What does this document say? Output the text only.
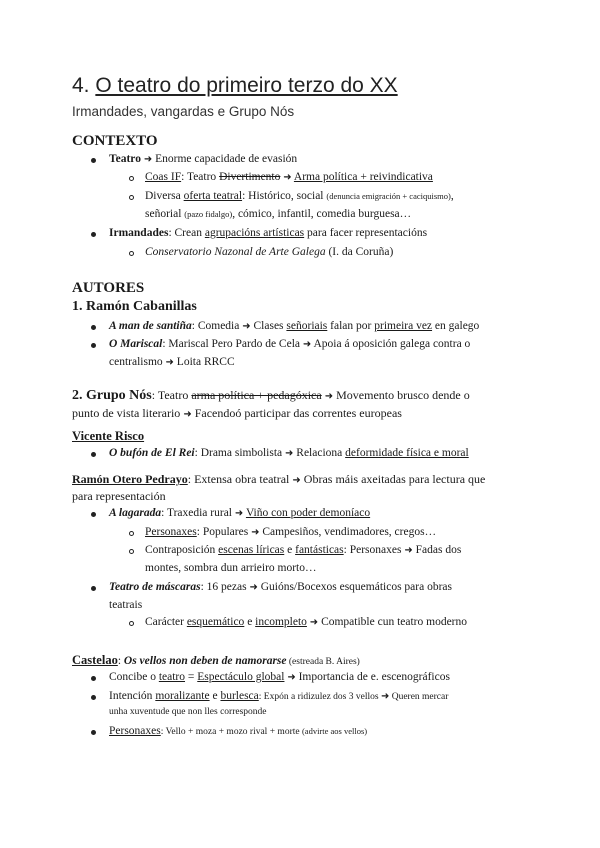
4. O teatro do primeiro terzo do XX
Irmandades, vangardas e Grupo Nós
CONTEXTO
Teatro ➜ Enorme capacidade de evasión
Coas IF: Teatro Divertimento ➜ Arma política + reivindicativa
Diversa oferta teatral: Histórico, social (denuncia emigración + caciquismo),
señorial (pazo fidalgo), cómico, infantil, comedia burguesa…
Irmandades: Crean agrupacións artísticas para facer representacións
Conservatorio Nazonal de Arte Galega (I. da Coruña)
AUTORES
1. Ramón Cabanillas
A man de santiña: Comedia ➜ Clases señoriais falan por primeira vez en galego
O Mariscal: Mariscal Pero Pardo de Cela ➜ Apoia á oposición galega contra o
centralismo ➜ Loita RRCC
2. Grupo Nós: Teatro arma política + pedagóxica ➜ Movemento brusco dende o
punto de vista literario ➜ Facendoó participar das correntes europeas
Vicente Risco
O bufón de El Rei: Drama simbolista ➜ Relaciona deformidade física e moral
Ramón Otero Pedrayo: Extensa obra teatral ➜ Obras máis axeitadas para lectura que
para representación
A lagarada: Traxedia rural ➜ Viño con poder demoníaco
Personaxes: Populares ➜ Campesiños, vendimadores, cregos…
Contraposición escenas líricas e fantásticas: Personaxes ➜ Fadas dos
montes, sombra dun arrieiro morto…
Teatro de máscaras: 16 pezas ➜ Guións/Bocexos esquemáticos para obras
teatrais
Carácter esquemático e incompleto ➜ Compatible cun teatro moderno
Castelao: Os vellos non deben de namorarse (estreada B. Aires)
Concibe o teatro = Espectáculo global ➜ Importancia de e. escenográficos
Intención moralizante e burlesca: Expón a ridizulez dos 3 vellos ➜ Queren mercar
unha xuventude que non lles corresponde
Personaxes: Vello + moza + mozo rival + morte (advirte aos vellos)
